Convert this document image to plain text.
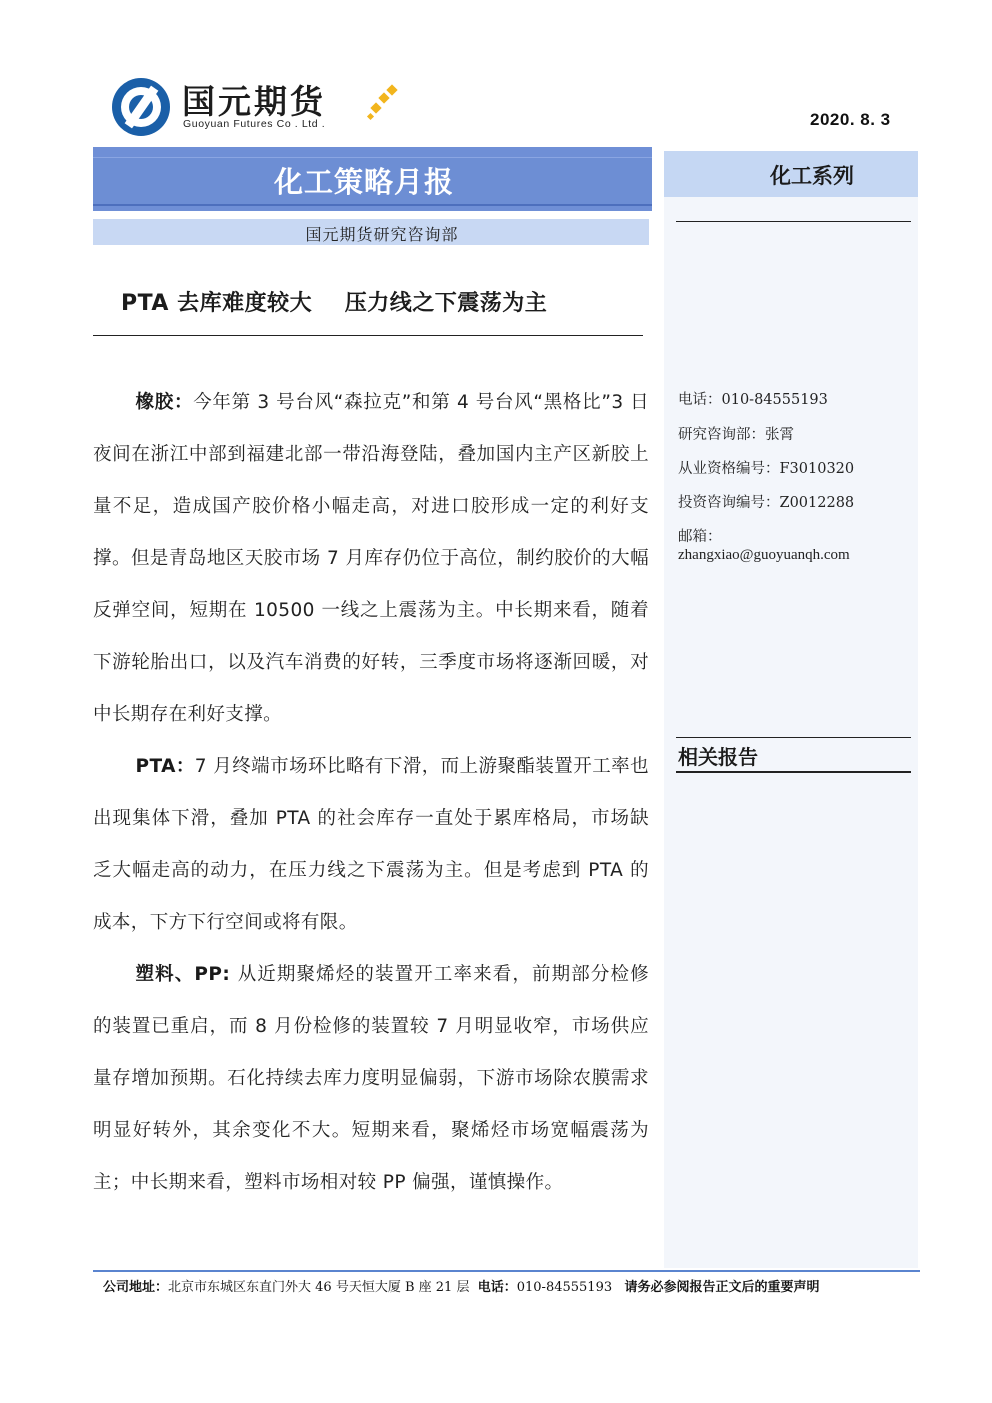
国元期货
Guoyuan Futures Co . Ltd .	2020. 8. 3
化工策略月报
国元期货研究咨询部
化工系列
PTA 去库难度较大    压力线之下震荡为主

橡胶：今年第 3 号台风“森拉克”和第 4 号台风“黑格比”3 日夜间在浙江中部到福建北部一带沿海登陆，叠加国内主产区新胶上量不足，造成国产胶价格小幅走高，对进口胶形成一定的利好支撑。但是青岛地区天胶市场 7 月库存仍位于高位，制约胶价的大幅反弹空间，短期在 10500 一线之上震荡为主。中长期来看，随着下游轮胎出口，以及汽车消费的好转，三季度市场将逐渐回暖，对中长期存在利好支撑。

PTA：7 月终端市场环比略有下滑，而上游聚酯装置开工率也出现集体下滑，叠加 PTA 的社会库存一直处于累库格局，市场缺乏大幅走高的动力，在压力线之下震荡为主。但是考虑到 PTA 的成本，下方下行空间或将有限。

塑料、PP: 从近期聚烯烃的装置开工率来看，前期部分检修的装置已重启，而 8 月份检修的装置较 7 月明显收窄，市场供应量存增加预期。石化持续去库力度明显偏弱，下游市场除农膜需求明显好转外，其余变化不大。短期来看，聚烯烃市场宽幅震荡为主；中长期来看，塑料市场相对较 PP 偏强，谨慎操作。

电话：010-84555193
研究咨询部：张霄
从业资格编号：F3010320
投资咨询编号：Z0012288
邮箱：
zhangxiao@guoyuanqh.com
相关报告
公司地址：北京市东城区东直门外大 46 号天恒大厦 B 座 21 层 电话：010-84555193 请务必参阅报告正文后的重要声明
